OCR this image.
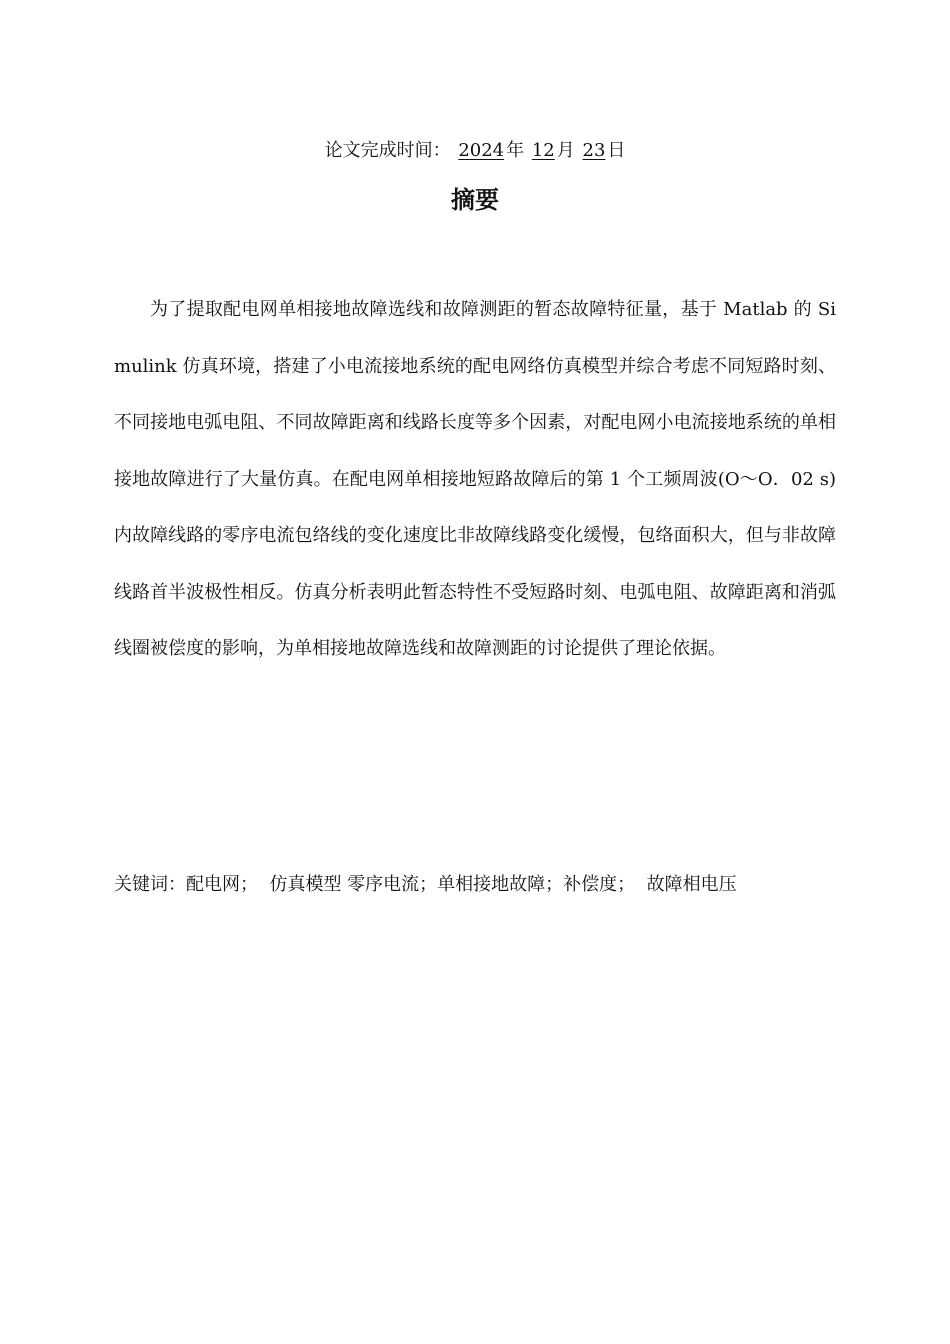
论文完成时间： 2024 年 12 月 23 日
摘要

为了提取配电网单相接地故障选线和故障测距的暂态故障特征量，基于 Matlab 的 Simulink 仿真环境，搭建了小电流接地系统的配电网络仿真模型并综合考虑不同短路时刻、不同接地电弧电阻、不同故障距离和线路长度等多个因素，对配电网小电流接地系统的单相接地故障进行了大量仿真。在配电网单相接地短路故障后的第 1 个工频周波(O～O．02 s)内故障线路的零序电流包络线的变化速度比非故障线路变化缓慢，包络面积大，但与非故障线路首半波极性相反。仿真分析表明此暂态特性不受短路时刻、电弧电阻、故障距离和消弧线圈被偿度的影响，为单相接地故障选线和故障测距的讨论提供了理论依据。

关键词：配电网；  仿真模型 零序电流；单相接地故障；补偿度；  故障相电压
